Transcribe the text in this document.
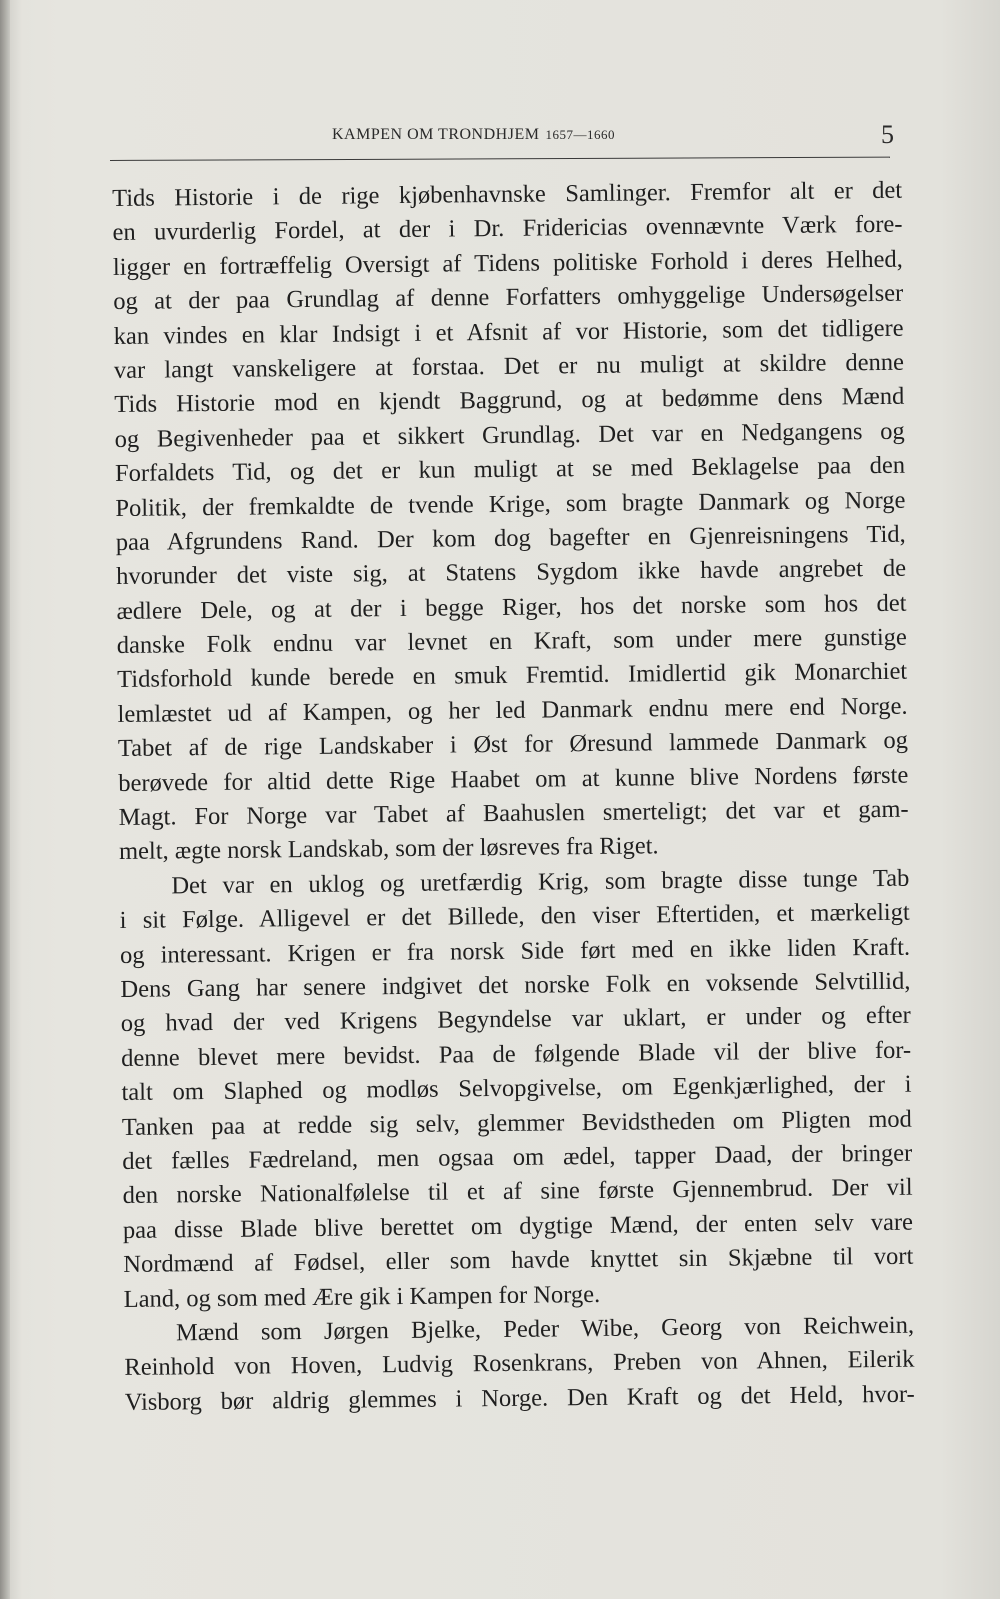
KAMPEN OM TRONDHJEM 1657—1660	5
Tids Historie i de rige kjøbenhavnske Samlinger. Fremfor alt er det
en uvurderlig Fordel, at der i Dr. Fridericias ovennævnte Værk fore-
ligger en fortræffelig Oversigt af Tidens politiske Forhold i deres Helhed,
og at der paa Grundlag af denne Forfatters omhyggelige Undersøgelser
kan vindes en klar Indsigt i et Afsnit af vor Historie, som det tidligere
var langt vanskeligere at forstaa. Det er nu muligt at skildre denne
Tids Historie mod en kjendt Baggrund, og at bedømme dens Mænd
og Begivenheder paa et sikkert Grundlag. Det var en Nedgangens og
Forfaldets Tid, og det er kun muligt at se med Beklagelse paa den
Politik, der fremkaldte de tvende Krige, som bragte Danmark og Norge
paa Afgrundens Rand. Der kom dog bagefter en Gjenreisningens Tid,
hvorunder det viste sig, at Statens Sygdom ikke havde angrebet de
ædlere Dele, og at der i begge Riger, hos det norske som hos det
danske Folk endnu var levnet en Kraft, som under mere gunstige
Tidsforhold kunde berede en smuk Fremtid. Imidlertid gik Monarchiet
lemlæstet ud af Kampen, og her led Danmark endnu mere end Norge.
Tabet af de rige Landskaber i Øst for Øresund lammede Danmark og
berøvede for altid dette Rige Haabet om at kunne blive Nordens første
Magt. For Norge var Tabet af Baahuslen smerteligt; det var et gam-
melt, ægte norsk Landskab, som der løsreves fra Riget.
Det var en uklog og uretfærdig Krig, som bragte disse tunge Tab
i sit Følge. Alligevel er det Billede, den viser Eftertiden, et mærkeligt
og interessant. Krigen er fra norsk Side ført med en ikke liden Kraft.
Dens Gang har senere indgivet det norske Folk en voksende Selvtillid,
og hvad der ved Krigens Begyndelse var uklart, er under og efter
denne blevet mere bevidst. Paa de følgende Blade vil der blive for-
talt om Slaphed og modløs Selvopgivelse, om Egenkjærlighed, der i
Tanken paa at redde sig selv, glemmer Bevidstheden om Pligten mod
det fælles Fædreland, men ogsaa om ædel, tapper Daad, der bringer
den norske Nationalfølelse til et af sine første Gjennembrud. Der vil
paa disse Blade blive berettet om dygtige Mænd, der enten selv vare
Nordmænd af Fødsel, eller som havde knyttet sin Skjæbne til vort
Land, og som med Ære gik i Kampen for Norge.
Mænd som Jørgen Bjelke, Peder Wibe, Georg von Reichwein,
Reinhold von Hoven, Ludvig Rosenkrans, Preben von Ahnen, Eilerik
Visborg bør aldrig glemmes i Norge. Den Kraft og det Held, hvor-
